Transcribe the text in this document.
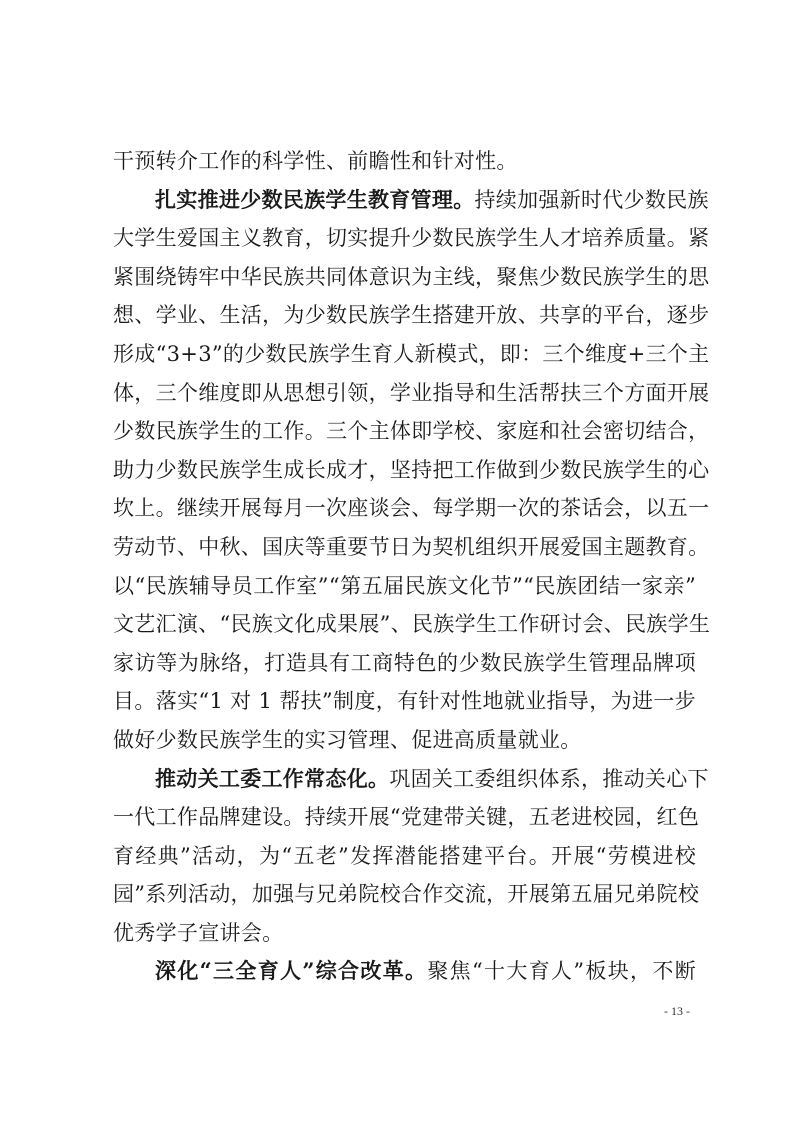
干预转介工作的科学性、前瞻性和针对性。
扎实推进少数民族学生教育管理。持续加强新时代少数民族
大学生爱国主义教育，切实提升少数民族学生人才培养质量。紧
紧围绕铸牢中华民族共同体意识为主线，聚焦少数民族学生的思
想、学业、生活，为少数民族学生搭建开放、共享的平台，逐步
形成“3+3”的少数民族学生育人新模式，即：三个维度+三个主
体，三个维度即从思想引领，学业指导和生活帮扶三个方面开展
少数民族学生的工作。三个主体即学校、家庭和社会密切结合，
助力少数民族学生成长成才，坚持把工作做到少数民族学生的心
坎上。继续开展每月一次座谈会、每学期一次的茶话会，以五一
劳动节、中秋、国庆等重要节日为契机组织开展爱国主题教育。
以“民族辅导员工作室”“第五届民族文化节”“民族团结一家亲”
文艺汇演、“民族文化成果展”、民族学生工作研讨会、民族学生
家访等为脉络，打造具有工商特色的少数民族学生管理品牌项
目。落实“1 对 1 帮扶”制度，有针对性地就业指导，为进一步
做好少数民族学生的实习管理、促进高质量就业。
推动关工委工作常态化。巩固关工委组织体系，推动关心下
一代工作品牌建设。持续开展“党建带关键，五老进校园，红色
育经典”活动，为“五老”发挥潜能搭建平台。开展“劳模进校
园”系列活动，加强与兄弟院校合作交流，开展第五届兄弟院校
优秀学子宣讲会。
深化“三全育人”综合改革。聚焦“十大育人”板块，不断
- 13 -
